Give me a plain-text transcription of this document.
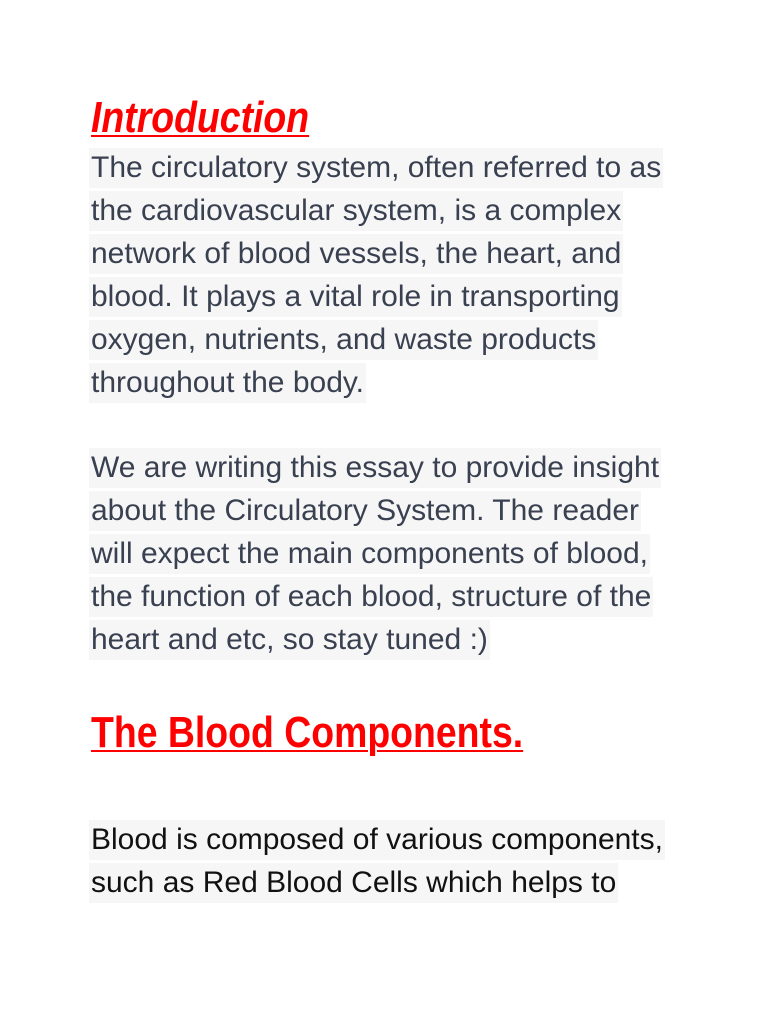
Introduction
The circulatory system, often referred to as
the cardiovascular system, is a complex
network of blood vessels, the heart, and
blood. It plays a vital role in transporting
oxygen, nutrients, and waste products
throughout the body.
We are writing this essay to provide insight
about the Circulatory System. The reader
will expect the main components of blood,
the function of each blood, structure of the
heart and etc, so stay tuned :)
The Blood Components.
Blood is composed of various components,
such as Red Blood Cells which helps to
